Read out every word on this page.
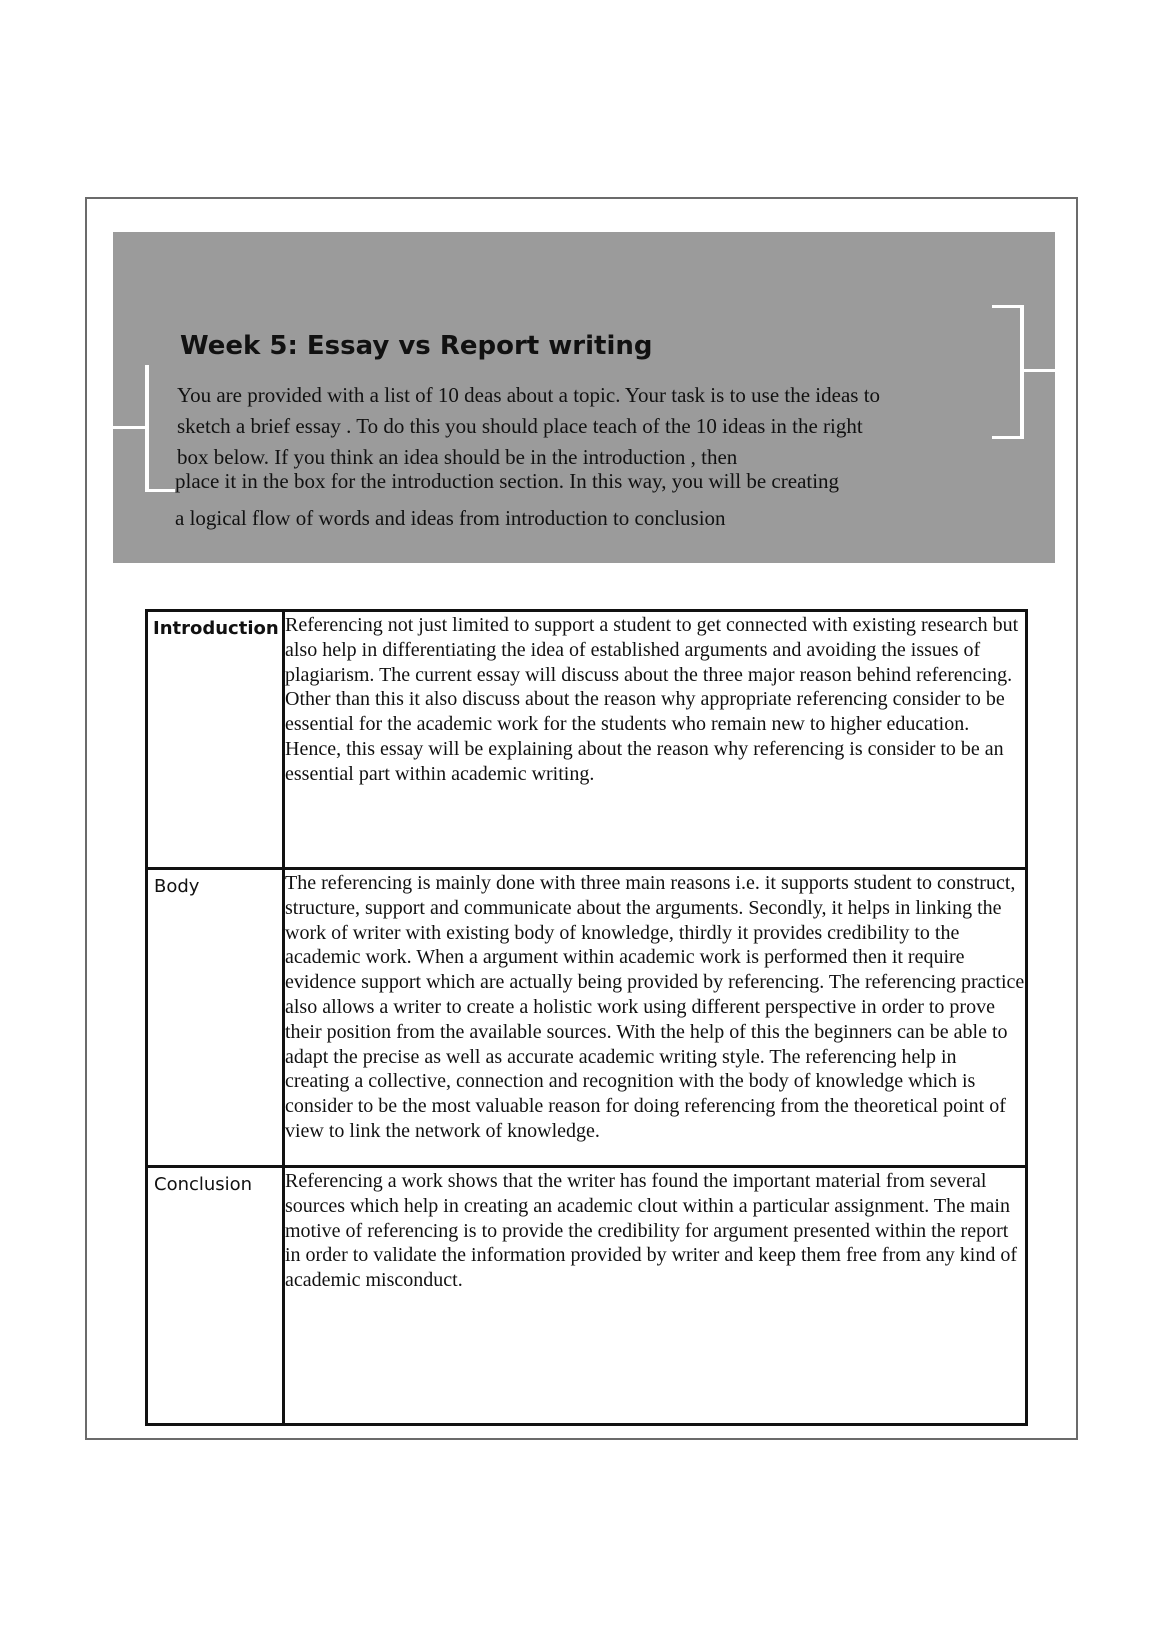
Week 5: Essay vs Report writing

You are provided with a list of 10 deas about a topic. Your task is to use the ideas to

sketch a brief essay . To do this you should place teach of the 10 ideas in the right

box below. If you think an idea should be in the introduction , then

place it in the box for the introduction section. In this way, you will be creating

a logical flow of words and ideas from introduction to conclusion

Introduction	Referencing not just limited to support a student to get connected with existing research but also help in differentiating the idea of established arguments and avoiding the issues of plagiarism. The current essay will discuss about the three major reason behind referencing. Other than this it also discuss about the reason why appropriate referencing consider to be essential for the academic work for the students who remain new to higher education. Hence, this essay will be explaining about the reason why referencing is consider to be an essential part within academic writing.
Body	The referencing is mainly done with three main reasons i.e. it supports student to construct, structure, support and communicate about the arguments. Secondly, it helps in linking the work of writer with existing body of knowledge, thirdly it provides credibility to the academic work. When a argument within academic work is performed then it require evidence support which are actually being provided by referencing. The referencing practice also allows a writer to create a holistic work using different perspective in order to prove their position from the available sources. With the help of this the beginners can be able to adapt the precise as well as accurate academic writing style. The referencing help in creating a collective, connection and recognition with the body of knowledge which is consider to be the most valuable reason for doing referencing from the theoretical point of view to link the network of knowledge.
Conclusion	Referencing a work shows that the writer has found the important material from several sources which help in creating an academic clout within a particular assignment. The main motive of referencing is to provide the credibility for argument presented within the report in order to validate the information provided by writer and keep them free from any kind of academic misconduct.
